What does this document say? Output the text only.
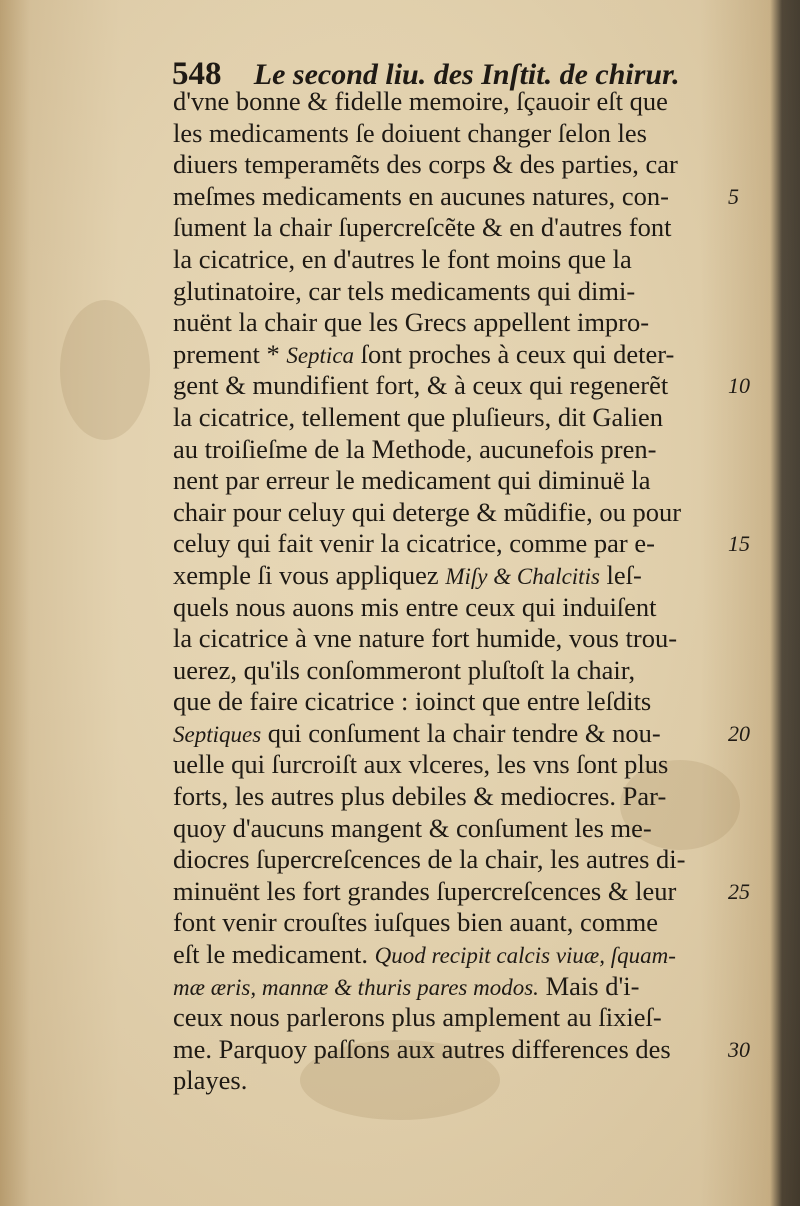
548 Le second liu. des Inſtit. de chirur.
d'vne bonne & fidelle memoire, ſçauoir eſt que
les medicaments ſe doiuent changer ſelon les
diuers temperamẽts des corps & des parties, car
meſmes medicaments en aucunes natures, con-
ſument la chair ſupercreſcẽte & en d'autres font
la cicatrice, en d'autres le font moins que la
glutinatoire, car tels medicaments qui dimi-
nuënt la chair que les Grecs appellent impro-
prement * Septica ſont proches à ceux qui deter-
gent & mundifient fort, & à ceux qui regenerẽt
la cicatrice, tellement que pluſieurs, dit Galien
au troiſieſme de la Methode, aucunefois pren-
nent par erreur le medicament qui diminuë la
chair pour celuy qui deterge & mũdifie, ou pour
celuy qui fait venir la cicatrice, comme par e-
xemple ſi vous appliquez Miſy & Chalcitis leſ-
quels nous auons mis entre ceux qui induiſent
la cicatrice à vne nature fort humide, vous trou-
uerez, qu'ils conſommeront pluſtoſt la chair,
que de faire cicatrice : ioinct que entre leſdits
Septiques qui conſument la chair tendre & nou-
uelle qui ſurcroiſt aux vlceres, les vns ſont plus
forts, les autres plus debiles & mediocres. Par-
quoy d'aucuns mangent & conſument les me-
diocres ſupercreſcences de la chair, les autres di-
minuënt les fort grandes ſupercreſcences & leur
font venir crouſtes iuſques bien auant, comme
eſt le medicament. Quod recipit calcis viuæ, ſquam-
mæ æris, mannæ & thuris pares modos. Mais d'i-
ceux nous parlerons plus amplement au ſixieſ-
me. Parquoy paſſons aux autres differences des
playes.
5
10
15
20
25
30
